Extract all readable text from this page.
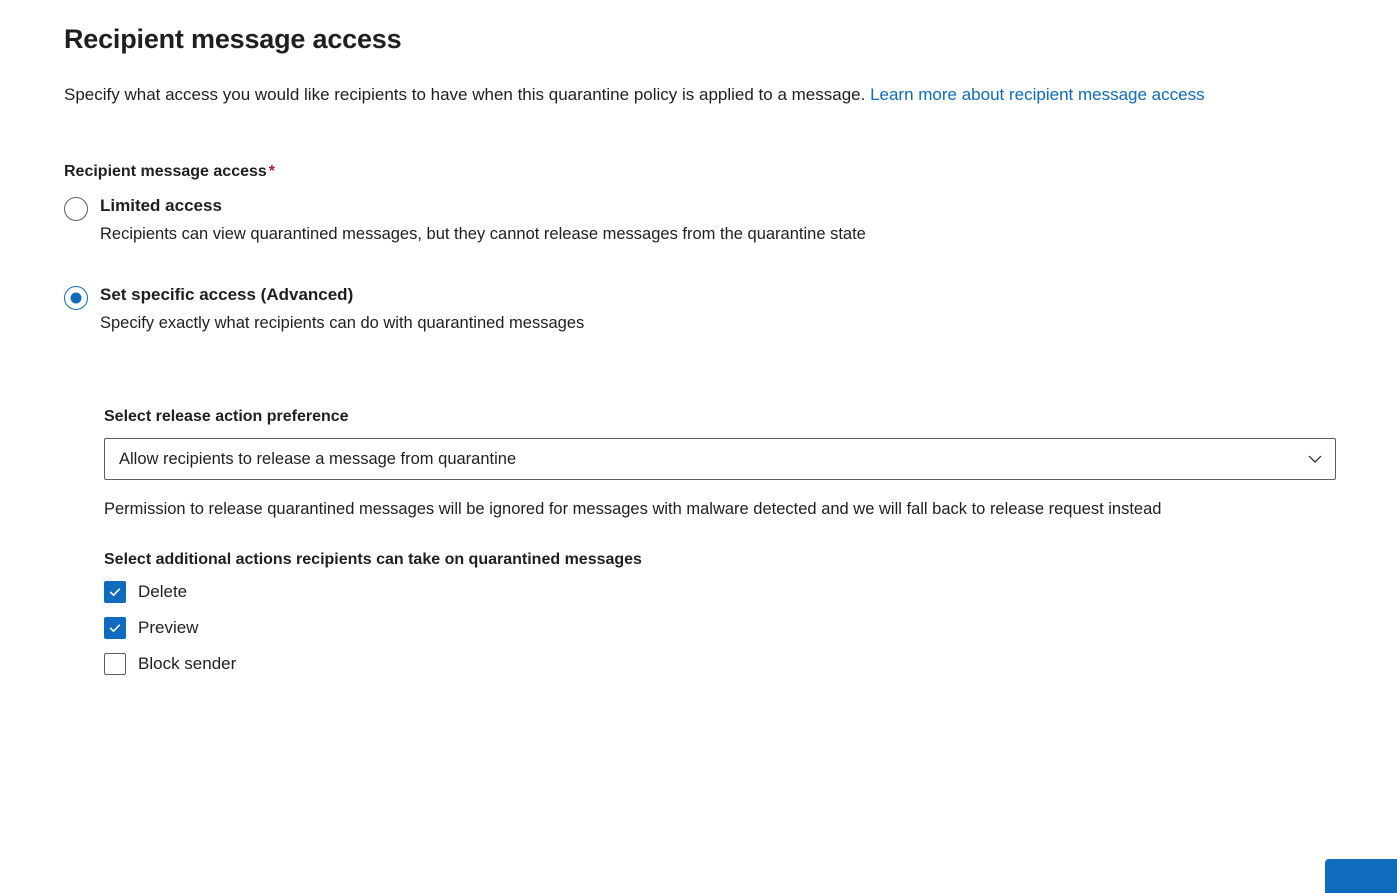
Recipient message access

Specify what access you would like recipients to have when this quarantine policy is applied to a message. Learn more about recipient message access

Recipient message access *
Limited access
Recipients can view quarantined messages, but they cannot release messages from the quarantine state
Set specific access (Advanced)
Specify exactly what recipients can do with quarantined messages
Select release action preference
Allow recipients to release a message from quarantine
Permission to release quarantined messages will be ignored for messages with malware detected and we will fall back to release request instead
Select additional actions recipients can take on quarantined messages
Delete
Preview
Block sender
